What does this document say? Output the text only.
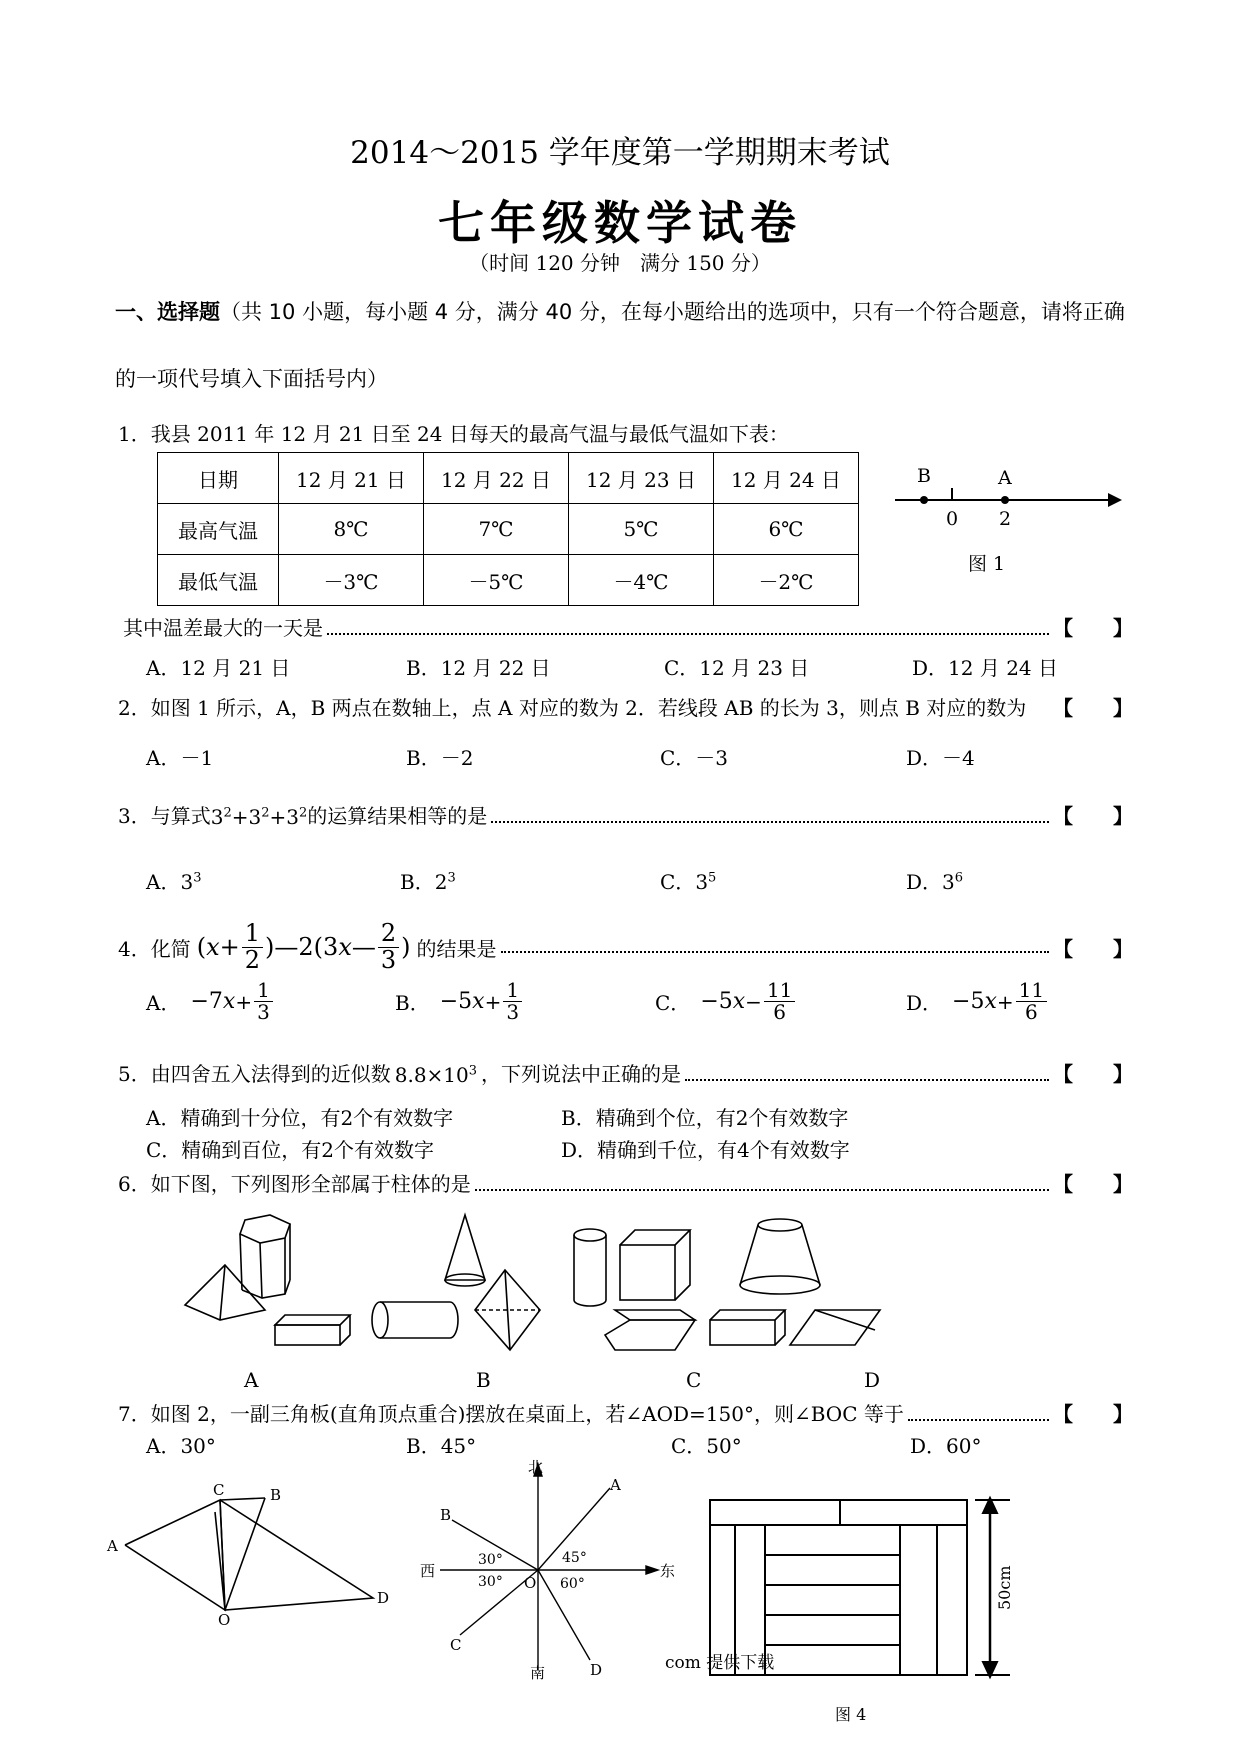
2014～2015 学年度第一学期期末考试
七年级数学试卷
（时间 120 分钟　满分 150 分）
一、选择题（共 10 小题，每小题 4 分，满分 40 分，在每小题给出的选项中，只有一个符合题意，请将正确
的一项代号填入下面括号内）
1．我县 2011 年 12 月 21 日至 24 日每天的最高气温与最低气温如下表：
日期	12 月 21 日	12 月 22 日	12 月 23 日	12 月 24 日
最高气温	8℃	7℃	5℃	6℃
最低气温	－3℃	－5℃	－4℃	－2℃
B	A
0 2
图 1
其中温差最大的一天是	【 】
A．12 月 21 日	B．12 月 22 日	C．12 月 23 日	D．12 月 24 日
2． 如图 1 所示，A，B 两点在数轴上，点 A 对应的数为 2．若线段 AB 的长为 3，则点 B 对应的数为 【 】
A．－1	B．－2	C．－3	D．－4
3． 与算式 $3^2+3^2+3^2$ 的运算结果相等的是	【 】
A．$3^3$	B．$2^3$	C．$3^5$	D．$3^6$
4． 化简 ( $x + \frac{1}{2}$ )—2(3 x — $\frac{2}{3}$ ) 的结果是	【 】
A． −7 $x + \frac{1}{3}$	B． −5 $x + \frac{1}{3}$	C． −5 $x - \frac{11}{6}$	D． −5 $x + \frac{11}{6}$
5． 由四舍五入法得到的近似数 $8.8\times 10^3$ ，下列说法中正确的是	【 】
A．精确到十分位，有2个有效数字	B．精确到个位，有2个有效数字
C．精确到百位，有2个有效数字	D．精确到千位，有4个有效数字
6． 如下图，下列图形全部属于柱体的是	【 】
A	B	C	D
7． 如图 2，一副三角板(直角顶点重合)摆放在桌面上，若∠AOD=150°，则∠BOC 等于	【 】
A．30°	B．45°	C．50°	D．60°
A
C	B
O
D
北
南
西	东
A
B
C
D
O
30°
30°
45°
60°	50cm
图 4
com 提供下载
